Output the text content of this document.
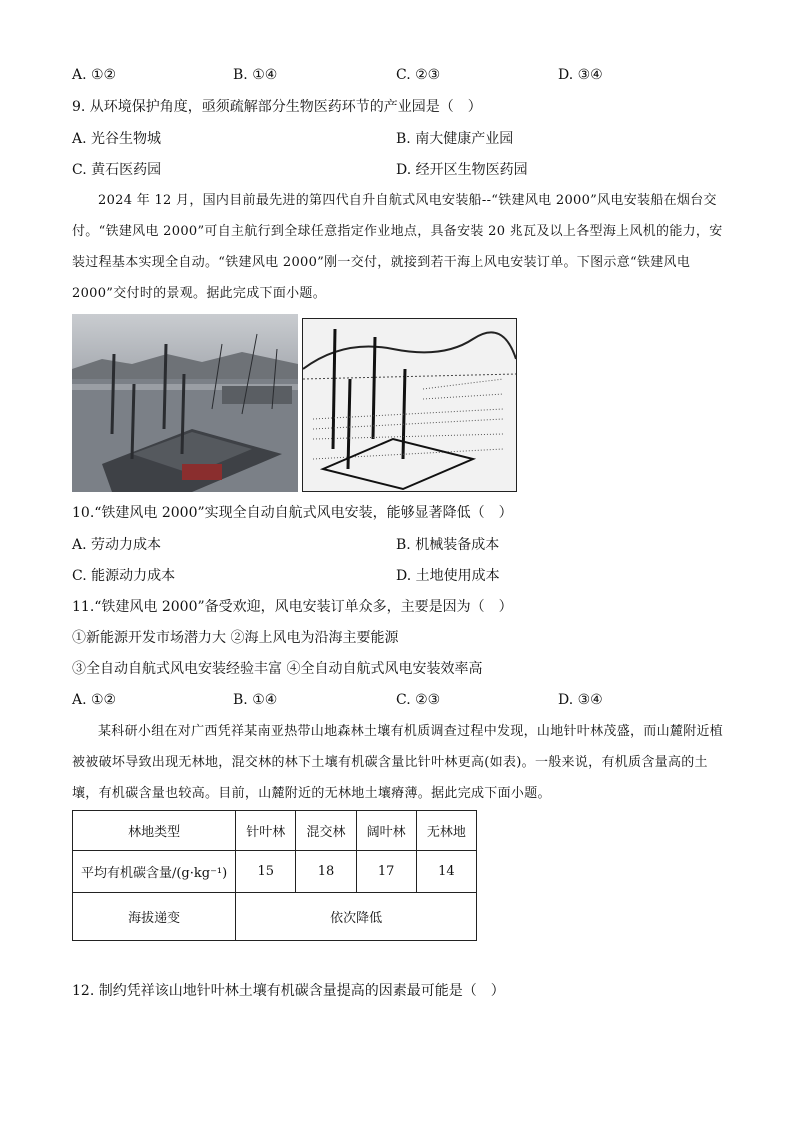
A. ①②	B. ①④	C. ②③	D. ③④
9. 从环境保护角度，亟须疏解部分生物医药环节的产业园是（　）
A. 光谷生物城	B. 南大健康产业园
C. 黄石医药园	D. 经开区生物医药园
2024 年 12 月，国内目前最先进的第四代自升自航式风电安装船--“铁建风电 2000”风电安装船在烟台交付。“铁建风电 2000”可自主航行到全球任意指定作业地点，具备安装 20 兆瓦及以上各型海上风机的能力，安装过程基本实现全自动。“铁建风电 2000”刚一交付，就接到若干海上风电安装订单。下图示意“铁建风电 2000”交付时的景观。据此完成下面小题。
10.“铁建风电 2000”实现全自动自航式风电安装，能够显著降低（　）
A. 劳动力成本	B. 机械装备成本
C. 能源动力成本	D. 土地使用成本
11.“铁建风电 2000”备受欢迎，风电安装订单众多，主要是因为（　）
①新能源开发市场潜力大 ②海上风电为沿海主要能源
③全自动自航式风电安装经验丰富 ④全自动自航式风电安装效率高
A. ①②	B. ①④	C. ②③	D. ③④
某科研小组在对广西凭祥某南亚热带山地森林土壤有机质调查过程中发现，山地针叶林茂盛，而山麓附近植被被破坏导致出现无林地，混交林的林下土壤有机碳含量比针叶林更高(如表)。一般来说，有机质含量高的土壤，有机碳含量也较高。目前，山麓附近的无林地土壤瘠薄。据此完成下面小题。
林地类型	针叶林	混交林	阔叶林	无林地
平均有机碳含量/(g·kg⁻¹)	15	18	17	14
海拔递变	依次降低			
12. 制约凭祥该山地针叶林土壤有机碳含量提高的因素最可能是（　）
